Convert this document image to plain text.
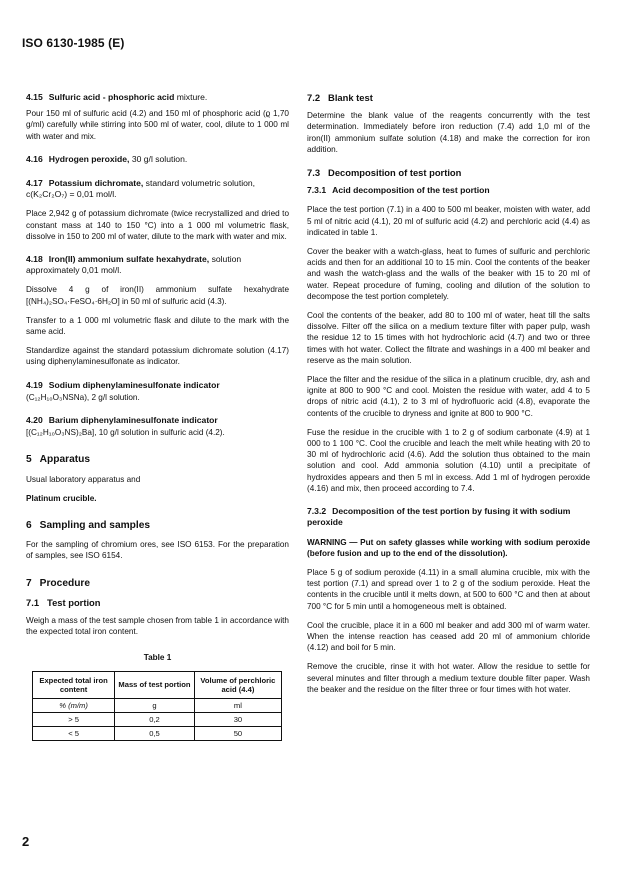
ISO 6130-1985 (E)
4.15 Sulfuric acid - phosphoric acid mixture.

Pour 150 ml of sulfuric acid (4.2) and 150 ml of phosphoric acid (ϱ 1,70 g/ml) carefully while stirring into 500 ml of water, cool, dilute to 1 000 ml with water and mix.

4.16 Hydrogen peroxide, 30 g/l solution.
4.17 Potassium dichromate, standard volumetric solution, c(K₂Cr₂O₇) = 0,01 mol/l.

Place 2,942 g of potassium dichromate (twice recrystallized and dried to constant mass at 140 to 150 °C) into a 1 000 ml volumetric flask, dissolve in 150 to 200 ml of water, dilute to the mark with water and mix.

4.18 Iron(II) ammonium sulfate hexahydrate, solution approximately 0,01 mol/l.

Dissolve 4 g of iron(II) ammonium sulfate hexahydrate [(NH₄)₂SO₄·FeSO₄·6H₂O] in 50 ml of sulfuric acid (4.3).

Transfer to a 1 000 ml volumetric flask and dilute to the mark with the same acid.

Standardize against the standard potassium dichromate solution (4.17) using diphenylaminesulfonate as indicator.

4.19 Sodium diphenylaminesulfonate indicator

(C₁₂H₁₀O₃NSNa), 2 g/l solution.

4.20 Barium diphenylaminesulfonate indicator

[(C₁₂H₁₀O₃NS)₂Ba], 10 g/l solution in sulfuric acid (4.2).

5 Apparatus

Usual laboratory apparatus and

Platinum crucible.

6 Sampling and samples

For the sampling of chromium ores, see ISO 6153. For the preparation of samples, see ISO 6154.

7 Procedure
7.1 Test portion

Weigh a mass of the test sample chosen from table 1 in accordance with the expected total iron content.

Table 1
Expected total iron content	Mass of test portion	Volume of perchloric acid (4.4)
% (m/m)	g	ml
> 5	0,2	30
< 5	0,5	50
7.2 Blank test

Determine the blank value of the reagents concurrently with the test determination. Immediately before iron reduction (7.4) add 1,0 ml of the iron(II) ammonium sulfate solution (4.18) and make the correction for iron addition.

7.3 Decomposition of test portion
7.3.1 Acid decomposition of the test portion

Place the test portion (7.1) in a 400 to 500 ml beaker, moisten with water, add 5 ml of nitric acid (4.1), 20 ml of sulfuric acid (4.2) and perchloric acid (4.4) as indicated in table 1.

Cover the beaker with a watch-glass, heat to fumes of sulfuric and perchloric acids and then for an additional 10 to 15 min. Cool the contents of the beaker and wash the watch-glass and the walls of the beaker with 15 to 20 ml of water. Repeat procedure of fuming, cooling and dilution of the solution to decompose the test portion completely.

Cool the contents of the beaker, add 80 to 100 ml of water, heat till the salts dissolve. Filter off the silica on a medium texture filter with paper pulp, wash the residue 12 to 15 times with hot hydrochloric acid (4.7) and two or three times with hot water. Collect the filtrate and washings in a 400 ml beaker and reserve as the main solution.

Place the filter and the residue of the silica in a platinum crucible, dry, ash and ignite at 800 to 900 °C and cool. Moisten the residue with water, add 4 to 5 drops of nitric acid (4.1), 2 to 3 ml of hydrofluoric acid (4.8), evaporate the contents of the crucible to dryness and ignite at 800 to 900 °C.

Fuse the residue in the crucible with 1 to 2 g of sodium carbonate (4.9) at 1 000 to 1 100 °C. Cool the crucible and leach the melt while heating with 20 to 30 ml of hydrochloric acid (4.6). Add the solution thus obtained to the main solution and cool. Add ammonia solution (4.10) until a precipitate of hydroxides appears and then 5 ml in excess. Add 1 ml of hydrogen peroxide (4.16) and mix, then proceed according to 7.4.

7.3.2 Decomposition of the test portion by fusing it with sodium peroxide

WARNING — Put on safety glasses while working with sodium peroxide (before fusion and up to the end of the dissolution).

Place 5 g of sodium peroxide (4.11) in a small alumina crucible, mix with the test portion (7.1) and spread over 1 to 2 g of the sodium peroxide. Heat the contents in the crucible until it melts down, at 500 to 600 °C and then at about 700 °C for 5 min until a homogeneous melt is obtained.

Cool the crucible, place it in a 600 ml beaker and add 300 ml of warm water. When the intense reaction has ceased add 20 ml of ammonium chloride (4.12) and boil for 5 min.

Remove the crucible, rinse it with hot water. Allow the residue to settle for several minutes and filter through a medium texture double filter paper. Wash the beaker and the residue on the filter three or four times with hot water.

2
